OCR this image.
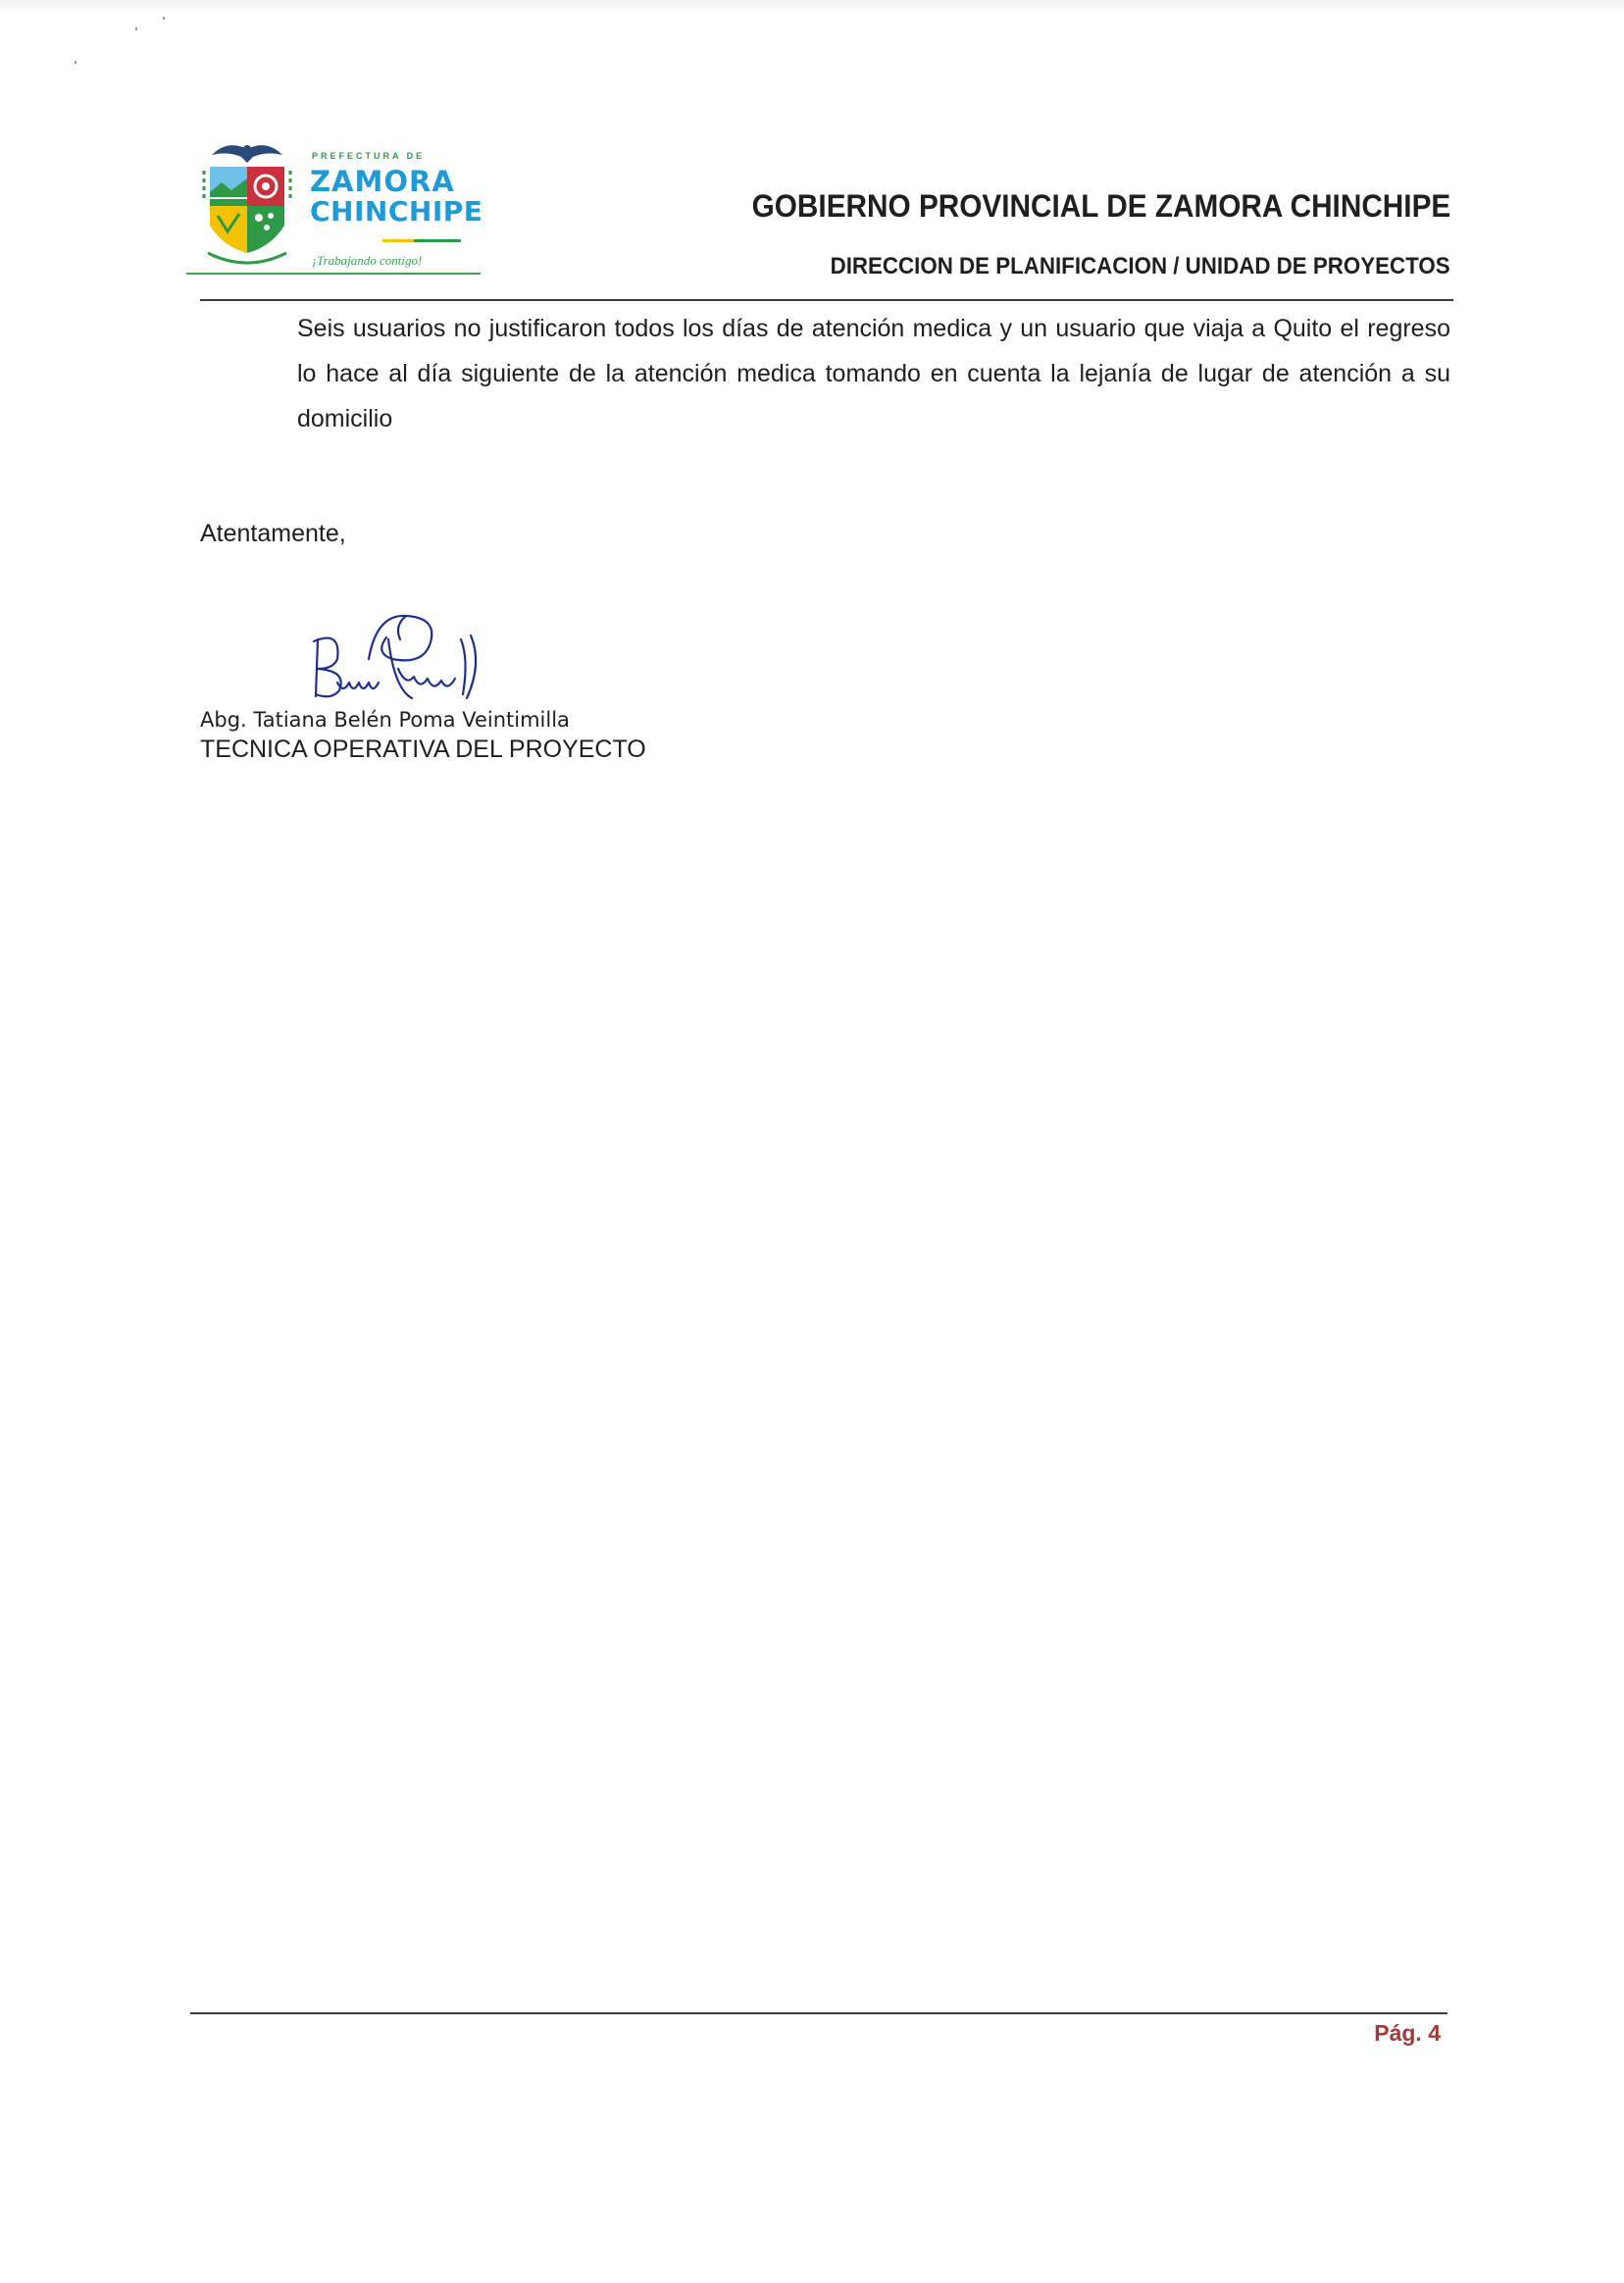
PREFECTURA DE
ZAMORA
CHINCHIPE
¡Trabajando contigo!
GOBIERNO PROVINCIAL DE ZAMORA CHINCHIPE
DIRECCION DE PLANIFICACION / UNIDAD DE PROYECTOS
Seis usuarios no justificaron todos los días de atención medica y un usuario que viaja a Quito el regreso lo hace al día siguiente de la atención medica tomando en cuenta la lejanía de lugar de atención a su domicilio
Atentamente,
Abg. Tatiana Belén Poma Veintimilla
TECNICA OPERATIVA DEL PROYECTO
Pág. 4
